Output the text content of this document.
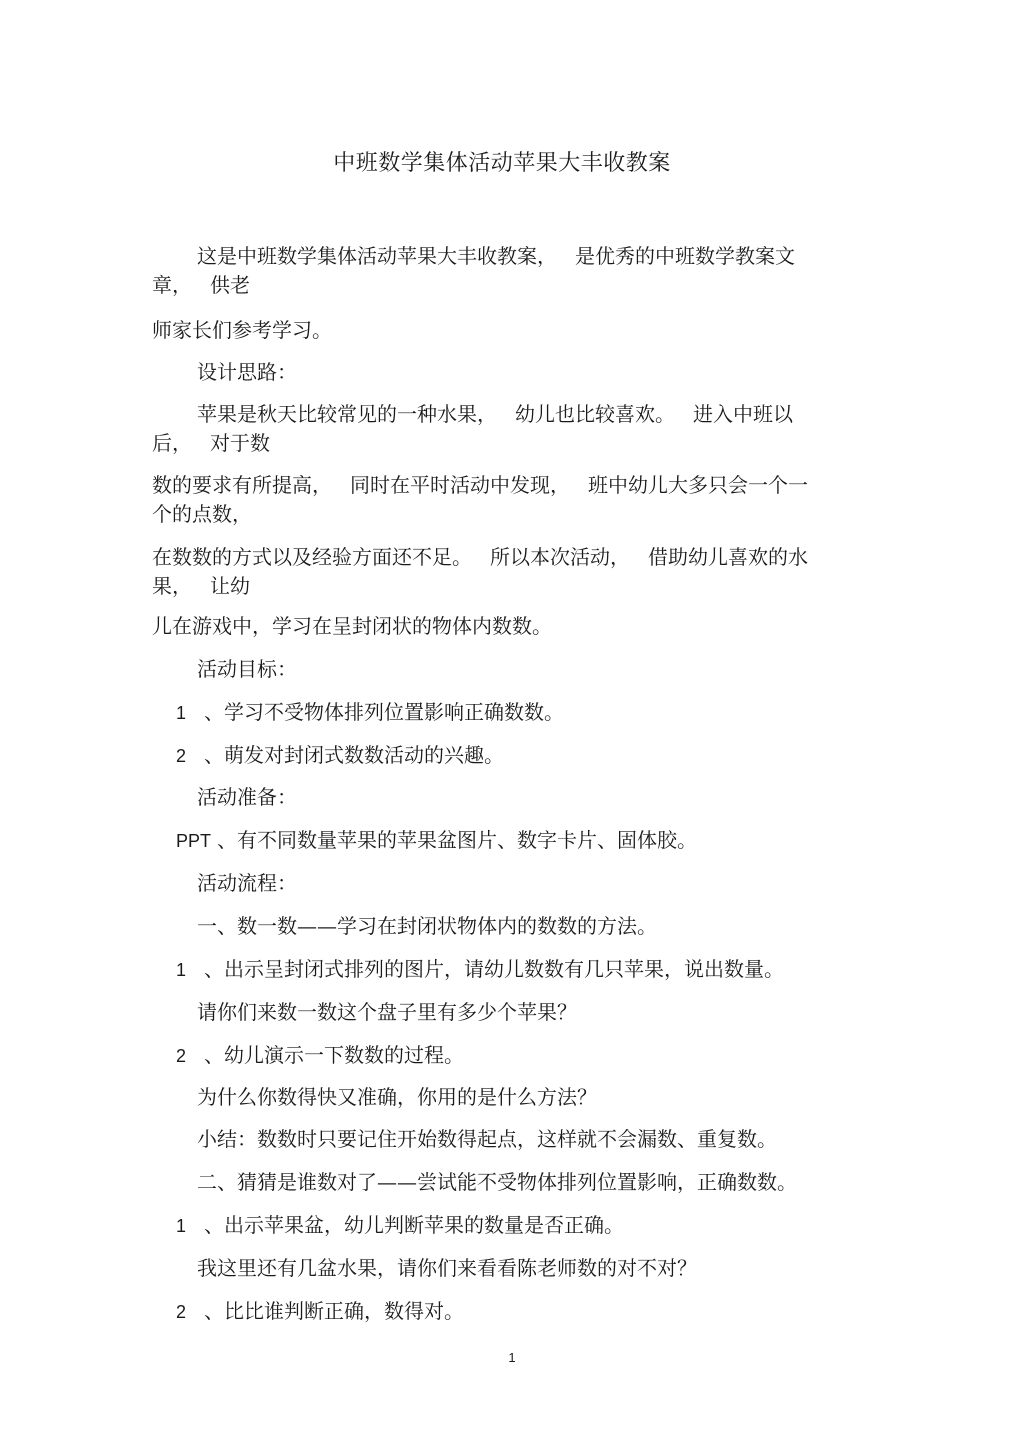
中班数学集体活动苹果大丰收教案
这是中班数学集体活动苹果大丰收教案， 是优秀的中班数学教案文
章， 供老
师家长们参考学习。
设计思路：
苹果是秋天比较常见的一种水果， 幼儿也比较喜欢。 进入中班以
后， 对于数
数的要求有所提高， 同时在平时活动中发现， 班中幼儿大多只会一个一
个的点数，
在数数的方式以及经验方面还不足。 所以本次活动， 借助幼儿喜欢的水
果， 让幼
儿在游戏中，学习在呈封闭状的物体内数数。
活动目标：
1 、学习不受物体排列位置影响正确数数。
2 、萌发对封闭式数数活动的兴趣。
活动准备：
PPT 、有不同数量苹果的苹果盆图片、数字卡片、固体胶。
活动流程：
一、数一数——学习在封闭状物体内的数数的方法。
1 、出示呈封闭式排列的图片，请幼儿数数有几只苹果，说出数量。
请你们来数一数这个盘子里有多少个苹果？
2 、幼儿演示一下数数的过程。
为什么你数得快又准确，你用的是什么方法？
小结：数数时只要记住开始数得起点，这样就不会漏数、重复数。
二、猜猜是谁数对了——尝试能不受物体排列位置影响，正确数数。
1 、出示苹果盆，幼儿判断苹果的数量是否正确。
我这里还有几盆水果，请你们来看看陈老师数的对不对？
2 、比比谁判断正确，数得对。
1
